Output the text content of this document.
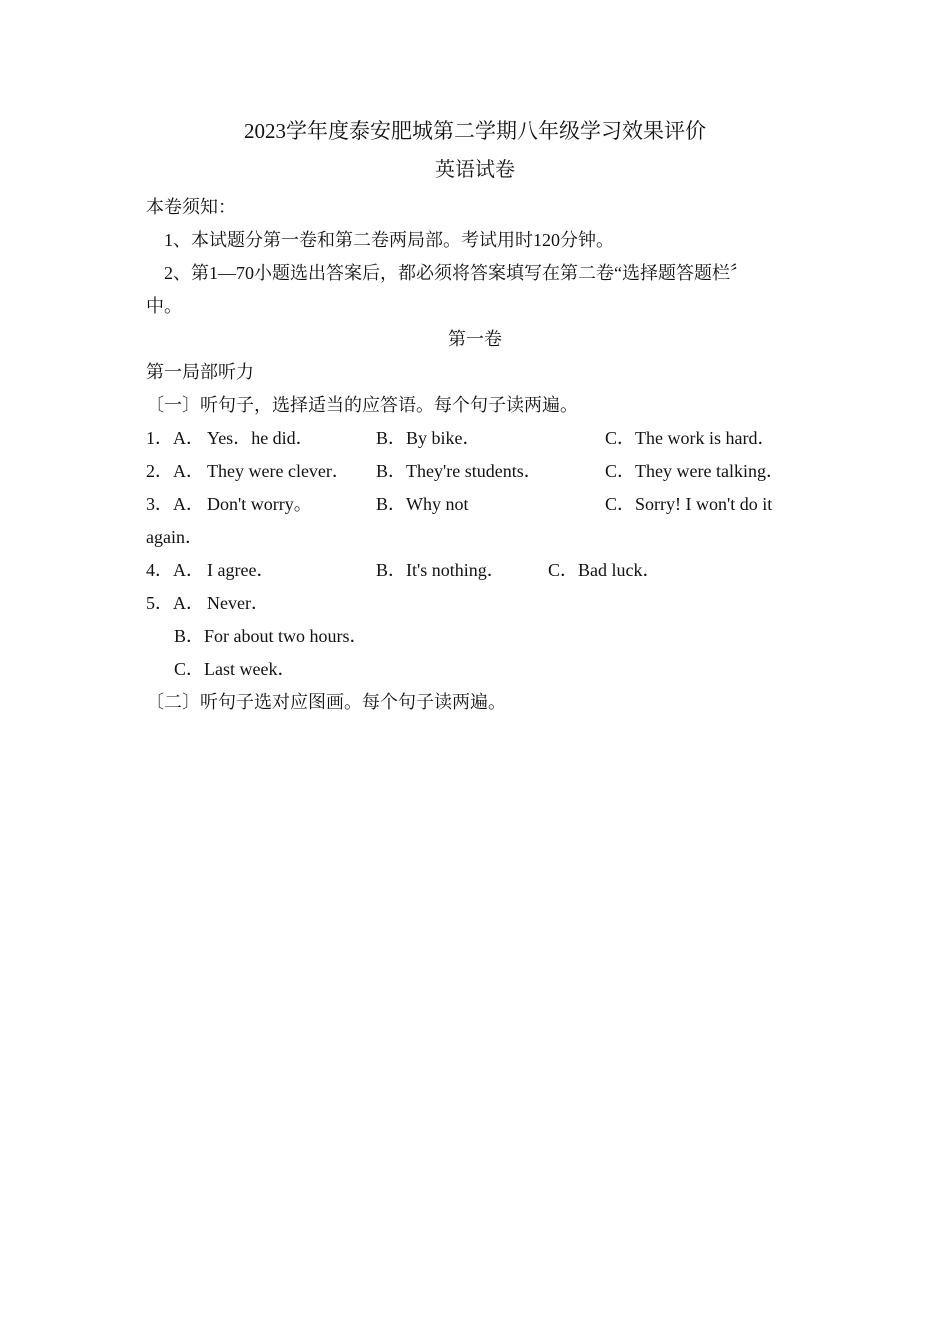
2023学年度泰安肥城第二学期八年级学习效果评价
英语试卷
本卷须知：
1、本试题分第一卷和第二卷两局部。考试用时120分钟。
2、第1—70小题选出答案后，都必须将答案填写在第二卷“选择题答题栏〞
中。
第一卷
第一局部听力
〔一〕听句子，选择适当的应答语。每个句子读两遍。
1．A． Yes．he did．	B．By bike．	C．The work is hard．
2．A． They were clever． B．They're students．	C．They were talking．
3．A． Don't worry。	B．Why not	C．Sorry! I won't do it
again．
4．A． I agree．	B．It's nothing． C．Bad luck．
5．A． Never．
B．For about two hours．
C．Last week．
〔二〕听句子选对应图画。每个句子读两遍。
